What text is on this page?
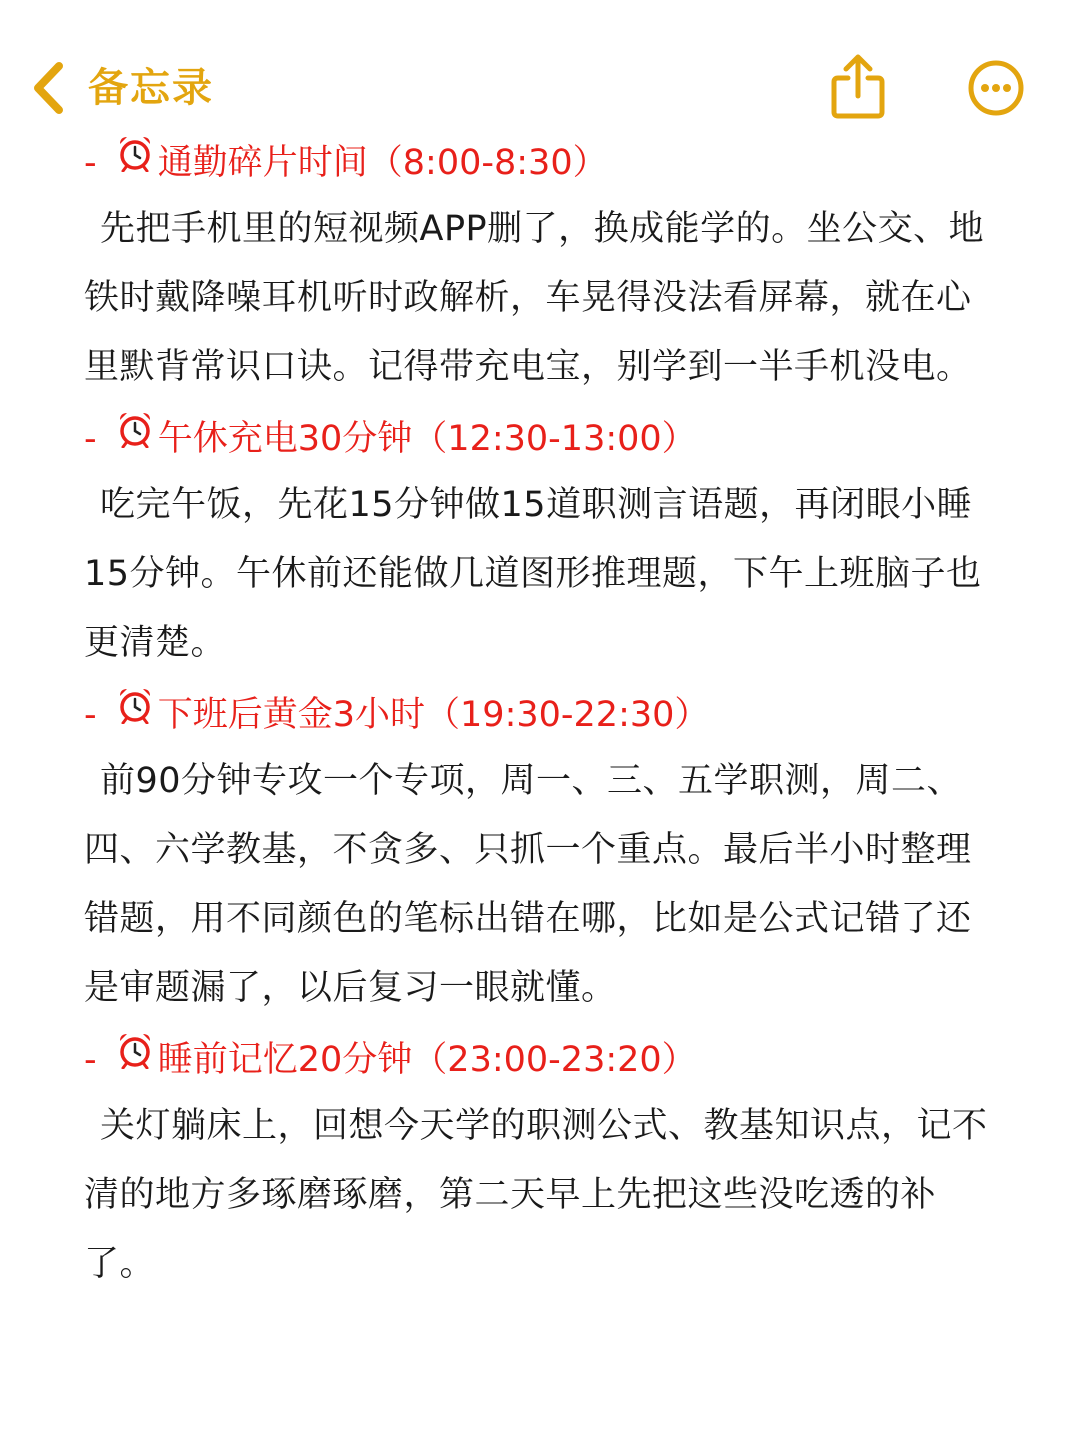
备忘录

- 通勤碎片时间（8:00-8:30）

先把手机里的短视频APP删了，换成能学的。坐公交、地铁时戴降噪耳机听时政解析，车晃得没法看屏幕，就在心里默背常识口诀。记得带充电宝，别学到一半手机没电。

- 午休充电30分钟（12:30-13:00）

吃完午饭，先花15分钟做15道职测言语题，再闭眼小睡15分钟。午休前还能做几道图形推理题，下午上班脑子也更清楚。

- 下班后黄金3小时（19:30-22:30）

前90分钟专攻一个专项，周一、三、五学职测，周二、四、六学教基，不贪多、只抓一个重点。最后半小时整理错题，用不同颜色的笔标出错在哪，比如是公式记错了还是审题漏了，以后复习一眼就懂。

- 睡前记忆20分钟（23:00-23:20）

关灯躺床上，回想今天学的职测公式、教基知识点，记不清的地方多琢磨琢磨，第二天早上先把这些没吃透的补了。
